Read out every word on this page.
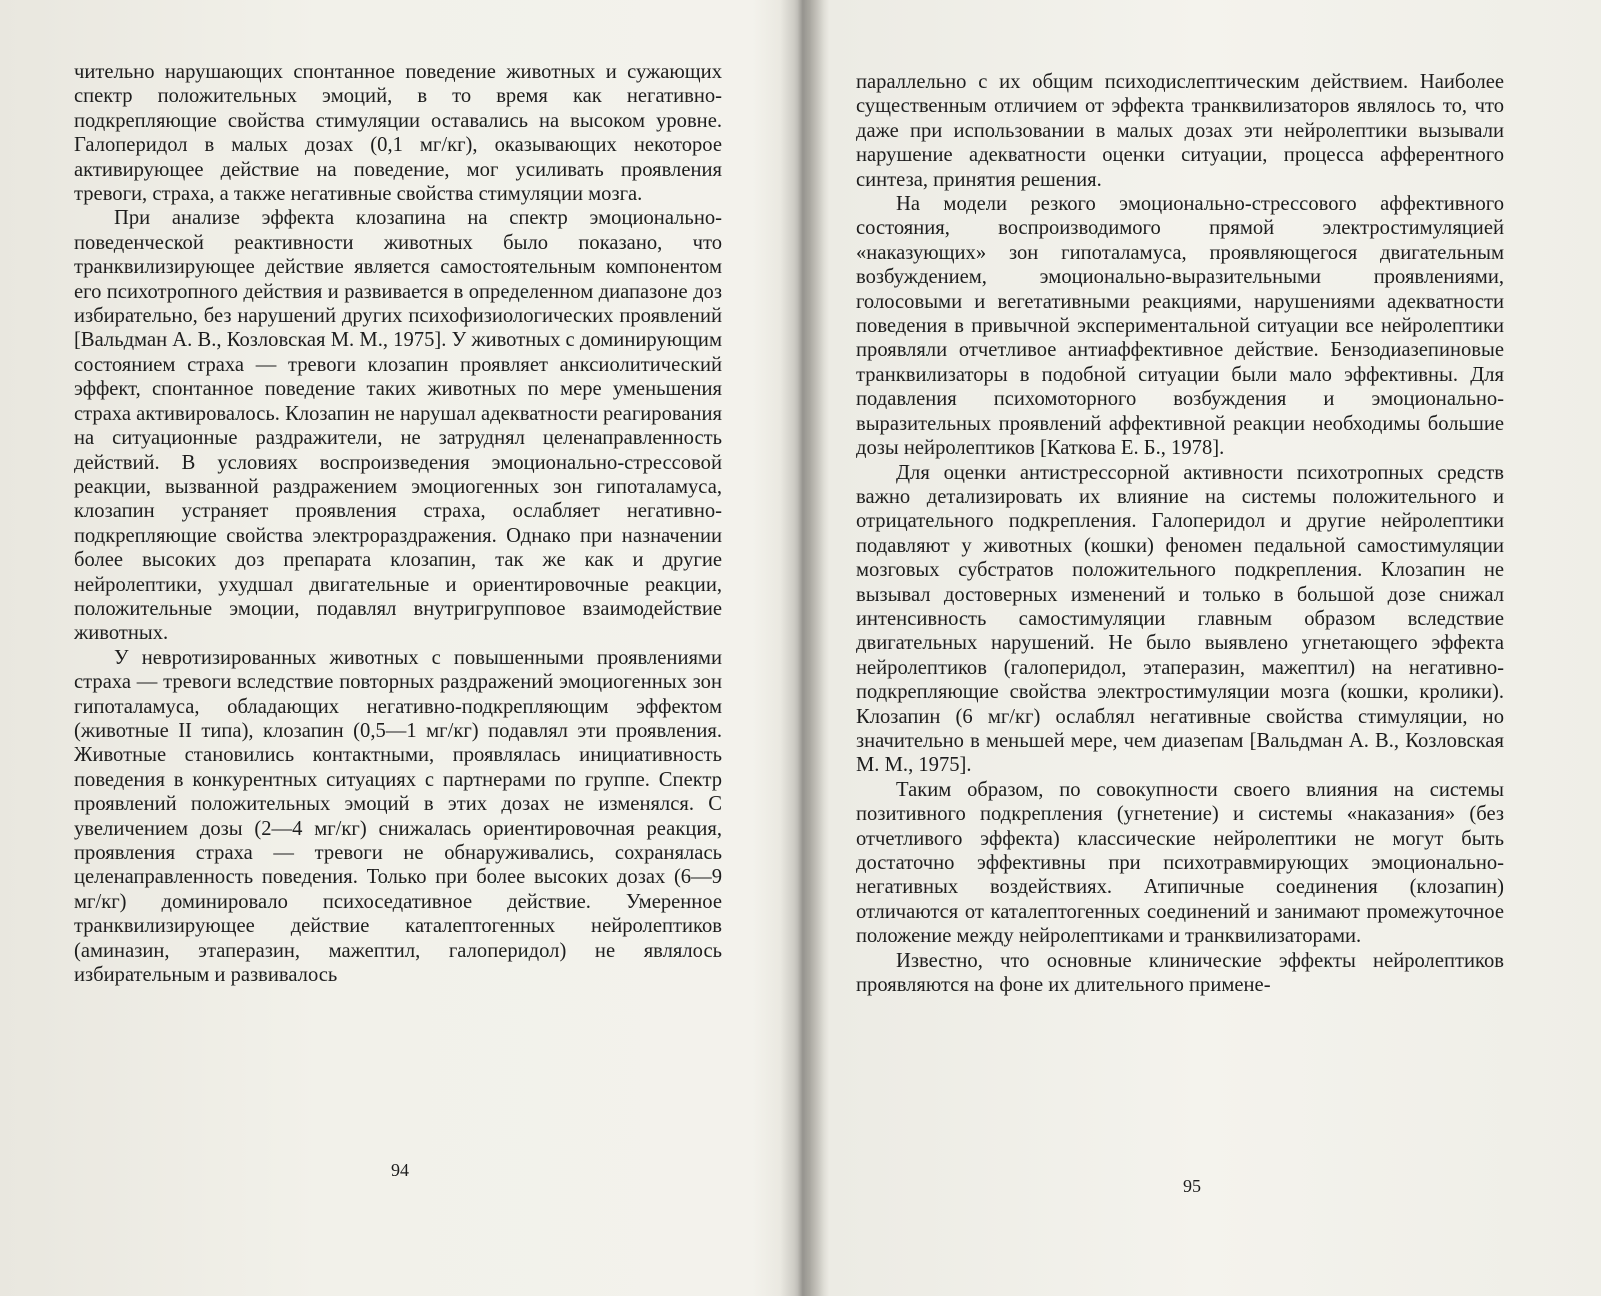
чительно нарушающих спонтанное поведение животных и сужающих спектр положительных эмоций, в то время как негативно-подкрепляющие свойства стимуляции оставались на высоком уровне. Галоперидол в малых дозах (0,1 мг/кг), оказывающих некоторое активирующее действие на поведение, мог усиливать проявления тревоги, страха, а также негативные свойства стимуляции мозга.

При анализе эффекта клозапина на спектр эмоционально-поведенческой реактивности животных было показано, что транквилизирующее действие является самостоятельным компонентом его психотропного действия и развивается в определенном диапазоне доз избирательно, без нарушений других психофизиологических проявлений [Вальдман А. В., Козловская М. М., 1975]. У животных с доминирующим состоянием страха — тревоги клозапин проявляет анксиолитический эффект, спонтанное поведение таких животных по мере уменьшения страха активировалось. Клозапин не нарушал адекватности реагирования на ситуационные раздражители, не затруднял целенаправленность действий. В условиях воспроизведения эмоционально-стрессовой реакции, вызванной раздражением эмоциогенных зон гипоталамуса, клозапин устраняет проявления страха, ослабляет негативно-подкрепляющие свойства электрораздражения. Однако при назначении более высоких доз препарата клозапин, так же как и другие нейролептики, ухудшал двигательные и ориентировочные реакции, положительные эмоции, подавлял внутригрупповое взаимодействие животных.

У невротизированных животных с повышенными проявлениями страха — тревоги вследствие повторных раздражений эмоциогенных зон гипоталамуса, обладающих негативно-подкрепляющим эффектом (животные II типа), клозапин (0,5—1 мг/кг) подавлял эти проявления. Животные становились контактными, проявлялась инициативность поведения в конкурентных ситуациях с партнерами по группе. Спектр проявлений положительных эмоций в этих дозах не изменялся. С увеличением дозы (2—4 мг/кг) снижалась ориентировочная реакция, проявления страха — тревоги не обнаруживались, сохранялась целенаправленность поведения. Только при более высоких дозах (6—9 мг/кг) доминировало психоседативное действие. Умеренное транквилизирующее действие каталептогенных нейролептиков (аминазин, этаперазин, мажептил, галоперидол) не являлось избирательным и развивалось

94

параллельно с их общим психодислептическим действием. Наиболее существенным отличием от эффекта транквилизаторов являлось то, что даже при использовании в малых дозах эти нейролептики вызывали нарушение адекватности оценки ситуации, процесса афферентного синтеза, принятия решения.

На модели резкого эмоционально-стрессового аффективного состояния, воспроизводимого прямой электростимуляцией «наказующих» зон гипоталамуса, проявляющегося двигательным возбуждением, эмоционально-выразительными проявлениями, голосовыми и вегетативными реакциями, нарушениями адекватности поведения в привычной экспериментальной ситуации все нейролептики проявляли отчетливое антиаффективное действие. Бензодиазепиновые транквилизаторы в подобной ситуации были мало эффективны. Для подавления психомоторного возбуждения и эмоционально-выразительных проявлений аффективной реакции необходимы большие дозы нейролептиков [Каткова Е. Б., 1978].

Для оценки антистрессорной активности психотропных средств важно детализировать их влияние на системы положительного и отрицательного подкрепления. Галоперидол и другие нейролептики подавляют у животных (кошки) феномен педальной самостимуляции мозговых субстратов положительного подкрепления. Клозапин не вызывал достоверных изменений и только в большой дозе снижал интенсивность самостимуляции главным образом вследствие двигательных нарушений. Не было выявлено угнетающего эффекта нейролептиков (галоперидол, этаперазин, мажептил) на негативно-подкрепляющие свойства электростимуляции мозга (кошки, кролики). Клозапин (6 мг/кг) ослаблял негативные свойства стимуляции, но значительно в меньшей мере, чем диазепам [Вальдман А. В., Козловская М. М., 1975].

Таким образом, по совокупности своего влияния на системы позитивного подкрепления (угнетение) и системы «наказания» (без отчетливого эффекта) классические нейролептики не могут быть достаточно эффективны при психотравмирующих эмоционально-негативных воздействиях. Атипичные соединения (клозапин) отличаются от каталептогенных соединений и занимают промежуточное положение между нейролептиками и транквилизаторами.

Известно, что основные клинические эффекты нейролептиков проявляются на фоне их длительного примене-

95
